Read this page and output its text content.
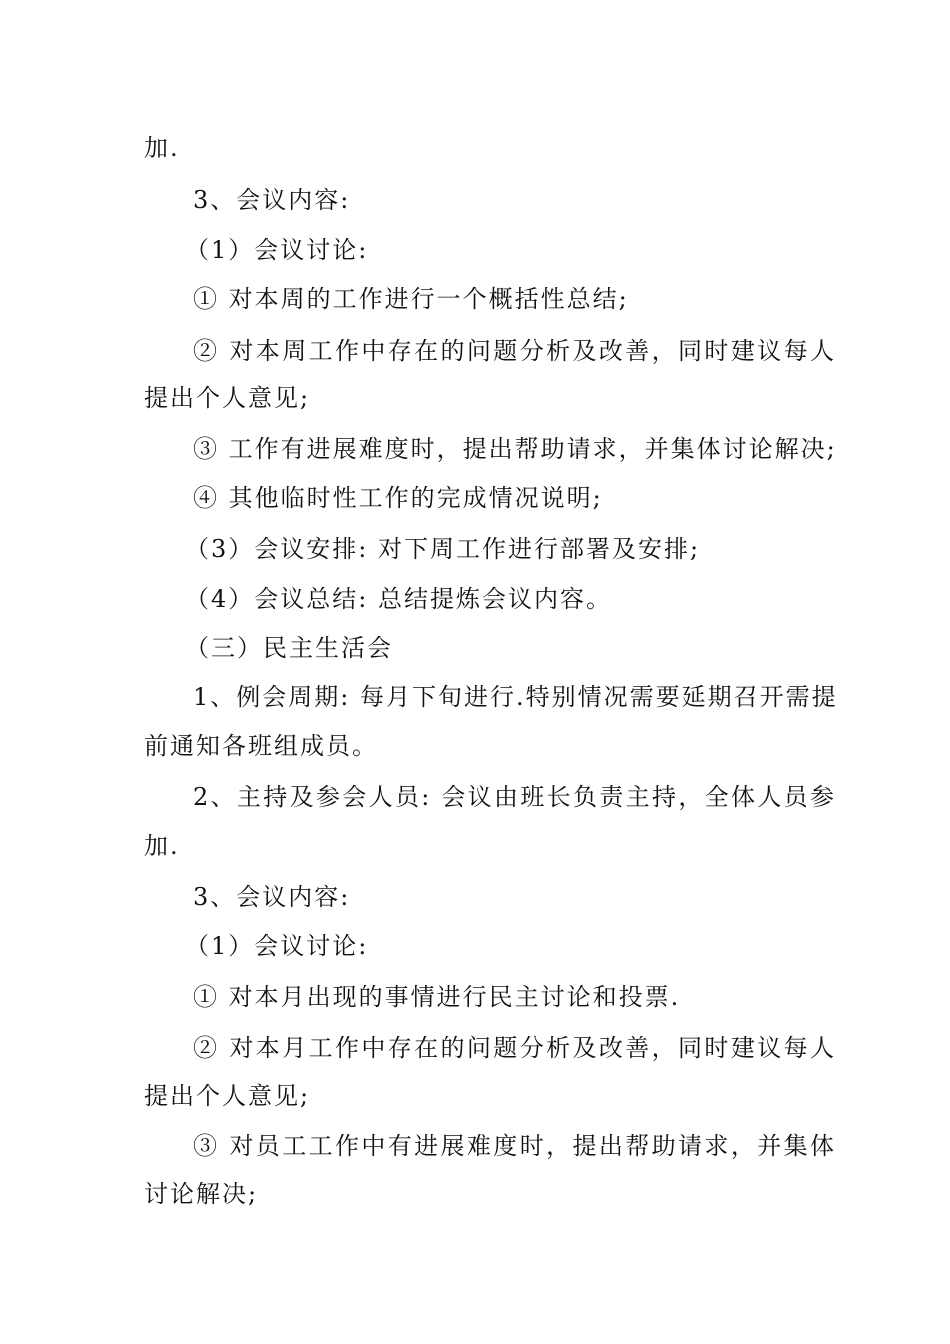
加.
3、会议内容:
（1）会议讨论:
① 对本周的工作进行一个概括性总结;
② 对本周工作中存在的问题分析及改善，同时建议每人
提出个人意见;
③ 工作有进展难度时，提出帮助请求，并集体讨论解决;
④ 其他临时性工作的完成情况说明;
（3）会议安排: 对下周工作进行部署及安排;
（4）会议总结: 总结提炼会议内容。
（三）民主生活会
1、例会周期: 每月下旬进行.特别情况需要延期召开需提
前通知各班组成员。
2、主持及参会人员: 会议由班长负责主持，全体人员参
加.
3、会议内容:
（1）会议讨论:
① 对本月出现的事情进行民主讨论和投票.
② 对本月工作中存在的问题分析及改善，同时建议每人
提出个人意见;
③ 对员工工作中有进展难度时，提出帮助请求，并集体
讨论解决;
